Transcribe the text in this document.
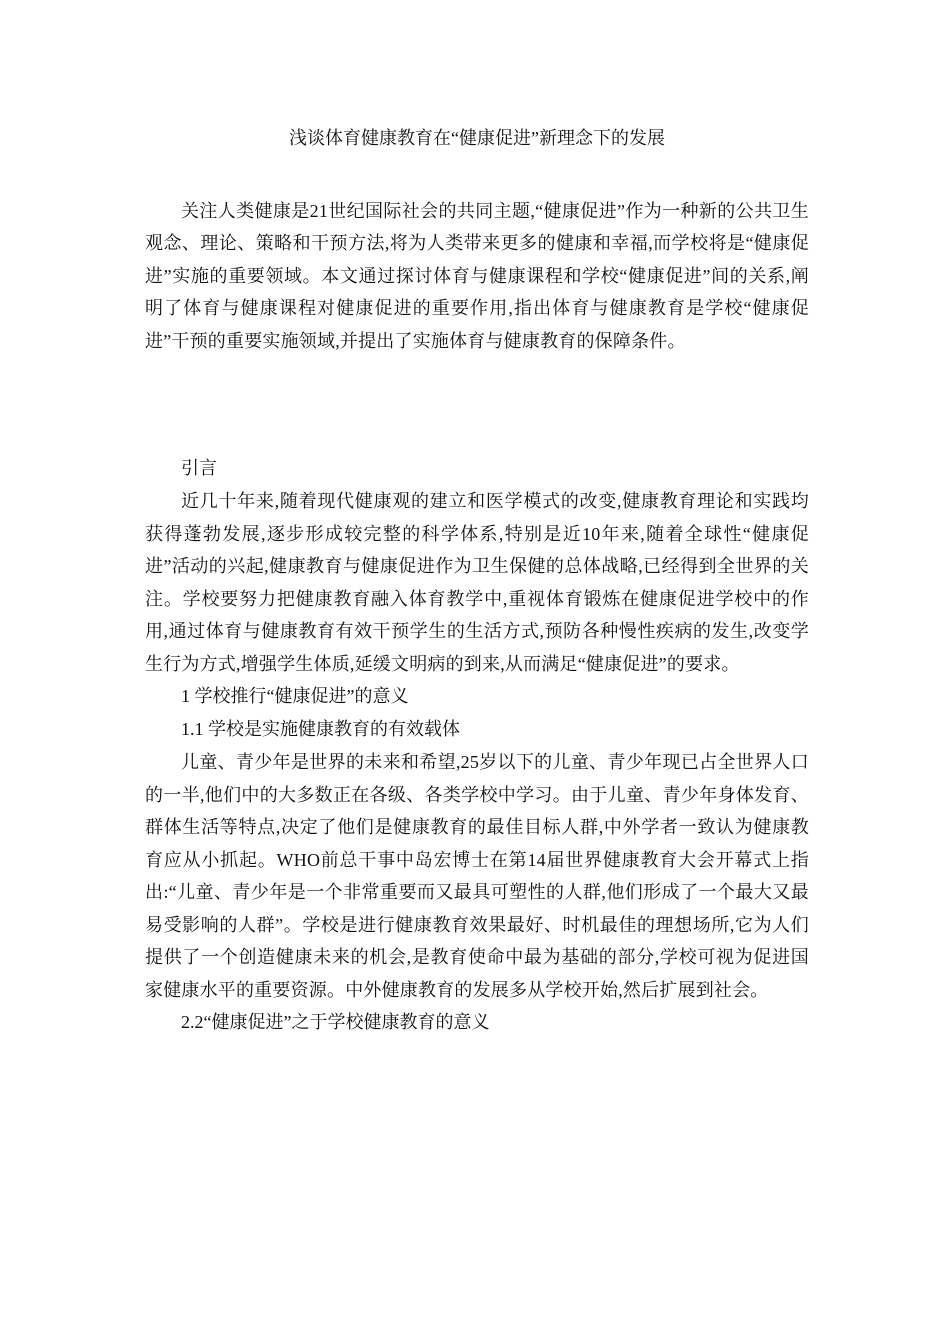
浅谈体育健康教育在“健康促进”新理念下的发展

关注人类健康是21世纪国际社会的共同主题,“健康促进”作为一种新的公共卫生观念、理论、策略和干预方法,将为人类带来更多的健康和幸福,而学校将是“健康促进”实施的重要领域。本文通过探讨体育与健康课程和学校“健康促进”间的关系,阐明了体育与健康课程对健康促进的重要作用,指出体育与健康教育是学校“健康促进”干预的重要实施领域,并提出了实施体育与健康教育的保障条件。

引言

近几十年来,随着现代健康观的建立和医学模式的改变,健康教育理论和实践均获得蓬勃发展,逐步形成较完整的科学体系,特别是近10年来,随着全球性“健康促进”活动的兴起,健康教育与健康促进作为卫生保健的总体战略,已经得到全世界的关注。学校要努力把健康教育融入体育教学中,重视体育锻炼在健康促进学校中的作用,通过体育与健康教育有效干预学生的生活方式,预防各种慢性疾病的发生,改变学生行为方式,增强学生体质,延缓文明病的到来,从而满足“健康促进”的要求。

1 学校推行“健康促进”的意义

1.1 学校是实施健康教育的有效载体

儿童、青少年是世界的未来和希望,25岁以下的儿童、青少年现已占全世界人口的一半,他们中的大多数正在各级、各类学校中学习。由于儿童、青少年身体发育、群体生活等特点,决定了他们是健康教育的最佳目标人群,中外学者一致认为健康教育应从小抓起。WHO前总干事中岛宏博士在第14届世界健康教育大会开幕式上指出:“儿童、青少年是一个非常重要而又最具可塑性的人群,他们形成了一个最大又最易受影响的人群”。学校是进行健康教育效果最好、时机最佳的理想场所,它为人们提供了一个创造健康未来的机会,是教育使命中最为基础的部分,学校可视为促进国家健康水平的重要资源。中外健康教育的发展多从学校开始,然后扩展到社会。

2.2“健康促进”之于学校健康教育的意义
